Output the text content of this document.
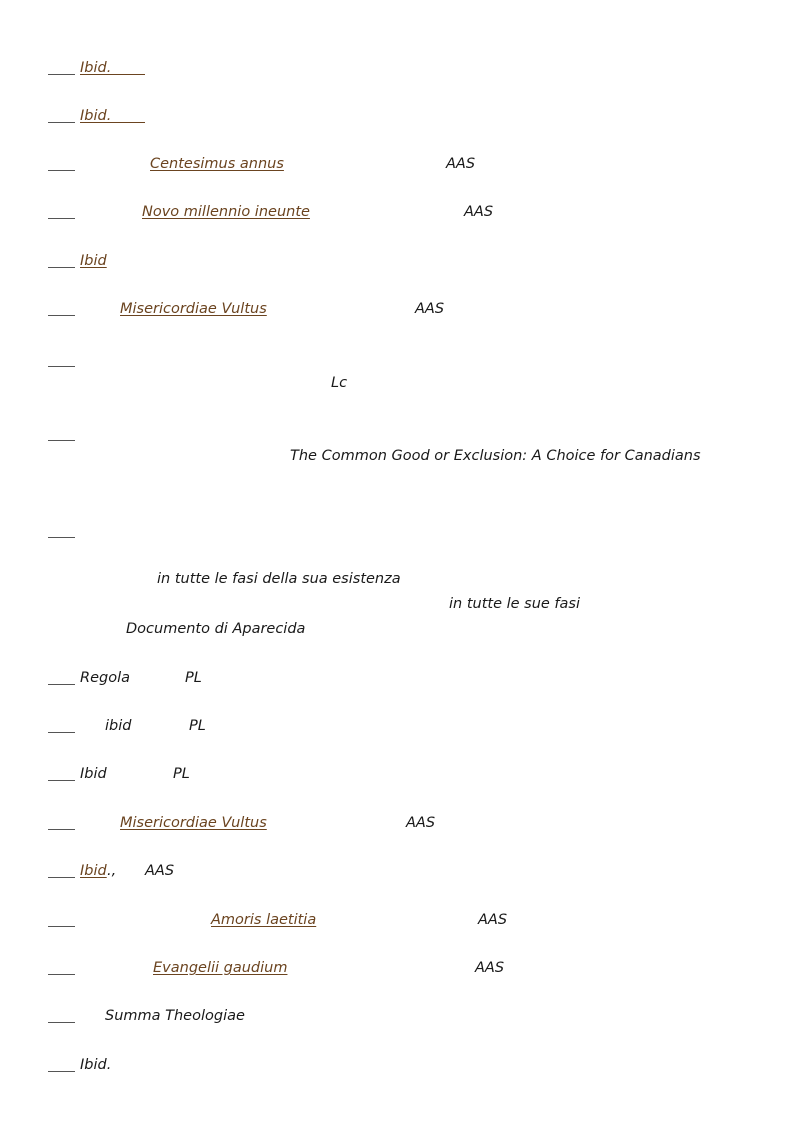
Ibid.
Ibid.
Centesimus annus	AAS
Novo millennio ineunte	AAS
Ibid
Misericordiae Vultus	AAS
Lc
The Common Good or Exclusion: A Choice for Canadians
in tutte le fasi della sua esistenza
in tutte le sue fasi
Documento di Aparecida
Regola	PL
ibid	PL
Ibid	PL
Misericordiae Vultus	AAS
Ibid ., AAS
Amoris laetitia	AAS
Evangelii gaudium	AAS
Summa Theologiae
Ibid.
